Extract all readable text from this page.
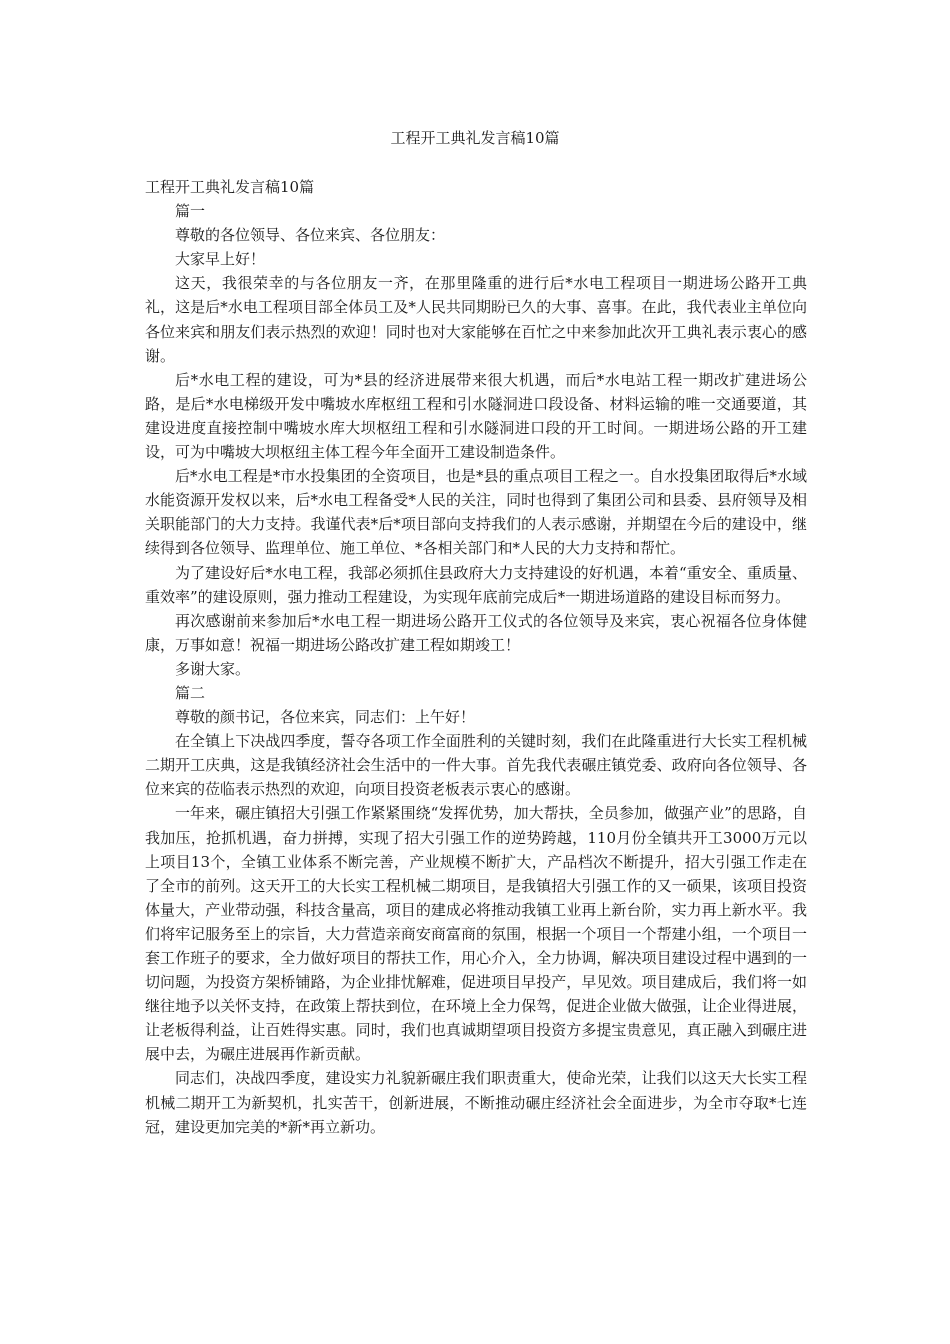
工程开工典礼发言稿10篇

工程开工典礼发言稿10篇

篇一

尊敬的各位领导、各位来宾、各位朋友：

大家早上好！

这天，我很荣幸的与各位朋友一齐，在那里隆重的进行后*水电工程项目一期进场公路开工典礼，这是后*水电工程项目部全体员工及*人民共同期盼已久的大事、喜事。在此，我代表业主单位向各位来宾和朋友们表示热烈的欢迎！同时也对大家能够在百忙之中来参加此次开工典礼表示衷心的感谢。

后*水电工程的建设，可为*县的经济进展带来很大机遇，而后*水电站工程一期改扩建进场公路，是后*水电梯级开发中嘴坡水库枢纽工程和引水隧洞进口段设备、材料运输的唯一交通要道，其建设进度直接控制中嘴坡水库大坝枢纽工程和引水隧洞进口段的开工时间。一期进场公路的开工建设，可为中嘴坡大坝枢纽主体工程今年全面开工建设制造条件。

后*水电工程是*市水投集团的全资项目，也是*县的重点项目工程之一。自水投集团取得后*水域水能资源开发权以来，后*水电工程备受*人民的关注，同时也得到了集团公司和县委、县府领导及相关职能部门的大力支持。我谨代表*后*项目部向支持我们的人表示感谢，并期望在今后的建设中，继续得到各位领导、监理单位、施工单位、*各相关部门和*人民的大力支持和帮忙。

为了建设好后*水电工程，我部必须抓住县政府大力支持建设的好机遇，本着“重安全、重质量、重效率”的建设原则，强力推动工程建设，为实现年底前完成后*一期进场道路的建设目标而努力。

再次感谢前来参加后*水电工程一期进场公路开工仪式的各位领导及来宾，衷心祝福各位身体健康，万事如意！祝福一期进场公路改扩建工程如期竣工！

多谢大家。

篇二

尊敬的颜书记，各位来宾，同志们：上午好！

在全镇上下决战四季度，誓夺各项工作全面胜利的关键时刻，我们在此隆重进行大长实工程机械二期开工庆典，这是我镇经济社会生活中的一件大事。首先我代表碾庄镇党委、政府向各位领导、各位来宾的莅临表示热烈的欢迎，向项目投资老板表示衷心的感谢。

一年来，碾庄镇招大引强工作紧紧围绕“发挥优势，加大帮扶，全员参加，做强产业”的思路，自我加压，抢抓机遇，奋力拼搏，实现了招大引强工作的逆势跨越，110月份全镇共开工3000万元以上项目13个，全镇工业体系不断完善，产业规模不断扩大，产品档次不断提升，招大引强工作走在了全市的前列。这天开工的大长实工程机械二期项目，是我镇招大引强工作的又一硕果，该项目投资体量大，产业带动强，科技含量高，项目的建成必将推动我镇工业再上新台阶，实力再上新水平。我们将牢记服务至上的宗旨，大力营造亲商安商富商的氛围，根据一个项目一个帮建小组，一个项目一套工作班子的要求，全力做好项目的帮扶工作，用心介入，全力协调，解决项目建设过程中遇到的一切问题，为投资方架桥铺路，为企业排忧解难，促进项目早投产，早见效。项目建成后，我们将一如继往地予以关怀支持，在政策上帮扶到位，在环境上全力保驾，促进企业做大做强，让企业得进展，让老板得利益，让百姓得实惠。同时，我们也真诚期望项目投资方多提宝贵意见，真正融入到碾庄进展中去，为碾庄进展再作新贡献。

同志们，决战四季度，建设实力礼貌新碾庄我们职责重大，使命光荣，让我们以这天大长实工程机械二期开工为新契机，扎实苦干，创新进展，不断推动碾庄经济社会全面进步，为全市夺取*七连冠，建设更加完美的*新*再立新功。
